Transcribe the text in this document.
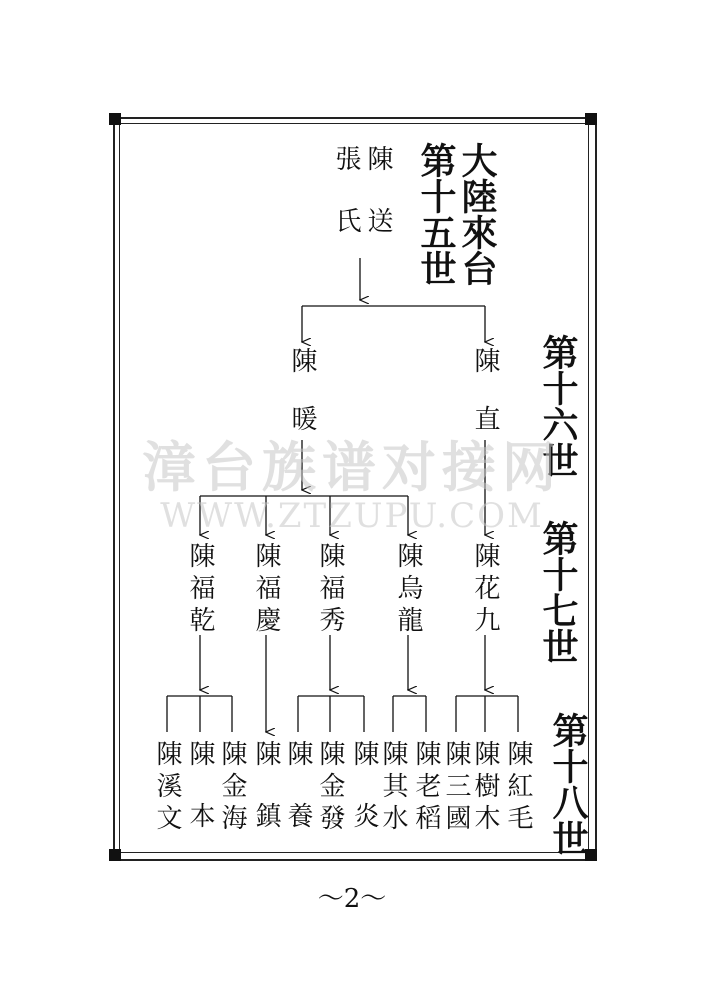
大陸來台
第十五世
陳送
張氏
第十六世
第十七世
第十八世
陳暖	陳直
陳福乾 陳福慶 陳福秀 陳烏龍 陳花九
陳溪文 陳本 陳金海 陳鎮 陳養 陳金發 陳炎 陳其水 陳老稻 陳三國 陳樹木 陳紅毛
漳台族谱对接网
WWW.ZTZUPU.COM
～2～
